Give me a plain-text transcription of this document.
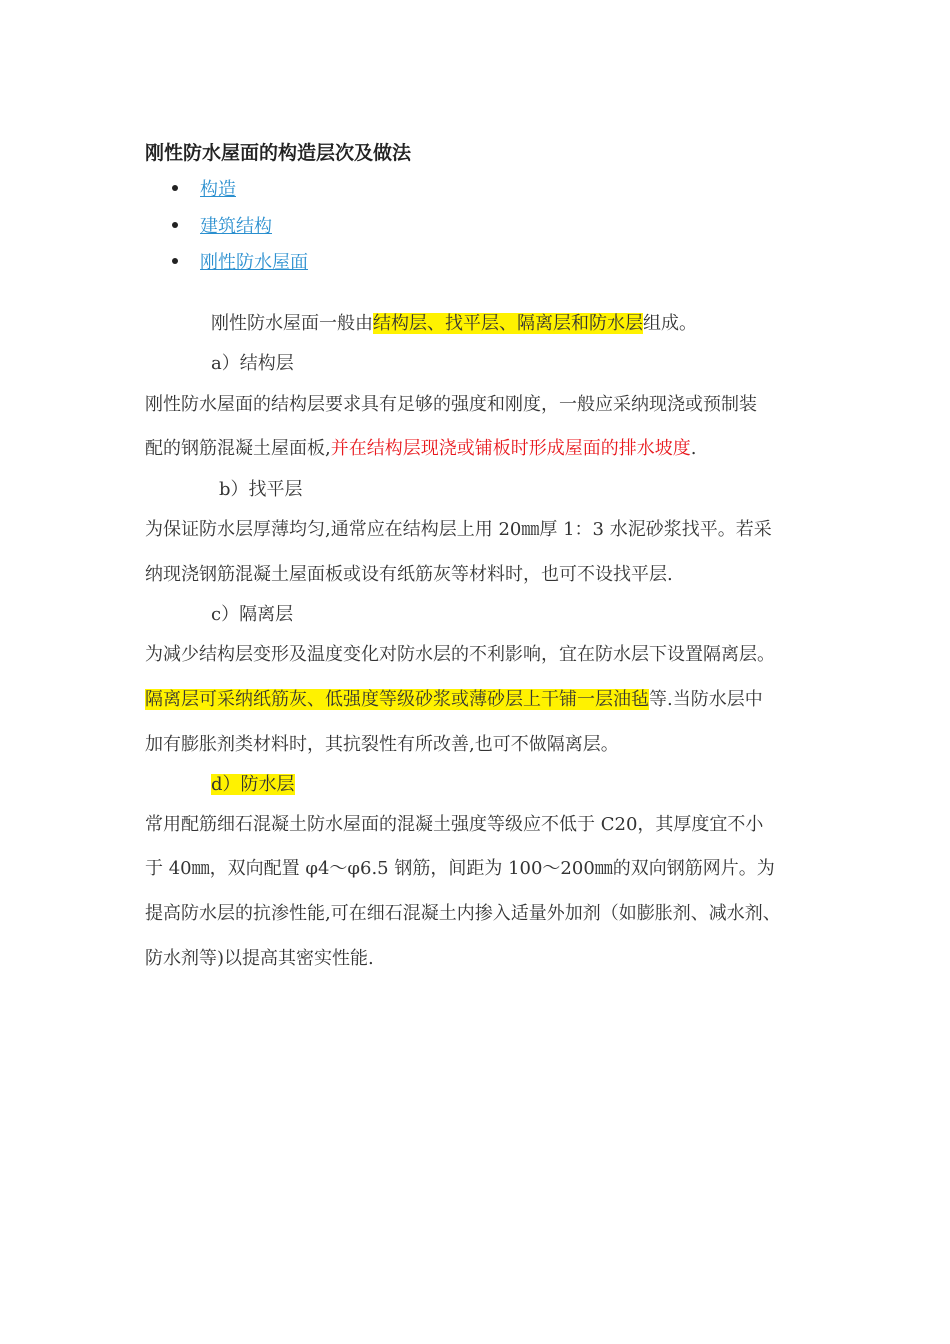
刚性防水屋面的构造层次及做法
构造
建筑结构
刚性防水屋面

刚性防水屋面一般由结构层、找平层、隔离层和防水层组成。

a）结构层

刚性防水屋面的结构层要求具有足够的强度和刚度，一般应采纳现浇或预制装

配的钢筋混凝土屋面板,并在结构层现浇或铺板时形成屋面的排水坡度.

b）找平层

为保证防水层厚薄均匀,通常应在结构层上用 20㎜厚 1：3 水泥砂浆找平。若采

纳现浇钢筋混凝土屋面板或设有纸筋灰等材料时，也可不设找平层.

c）隔离层

为减少结构层变形及温度变化对防水层的不利影响，宜在防水层下设置隔离层。

隔离层可采纳纸筋灰、低强度等级砂浆或薄砂层上干铺一层油毡等.当防水层中

加有膨胀剂类材料时，其抗裂性有所改善,也可不做隔离层。

d）防水层

常用配筋细石混凝土防水屋面的混凝土强度等级应不低于 C20，其厚度宜不小

于 40㎜，双向配置 φ4～φ6.5 钢筋，间距为 100～200㎜的双向钢筋网片。为

提高防水层的抗渗性能,可在细石混凝土内掺入适量外加剂（如膨胀剂、减水剂、

防水剂等)以提高其密实性能.
